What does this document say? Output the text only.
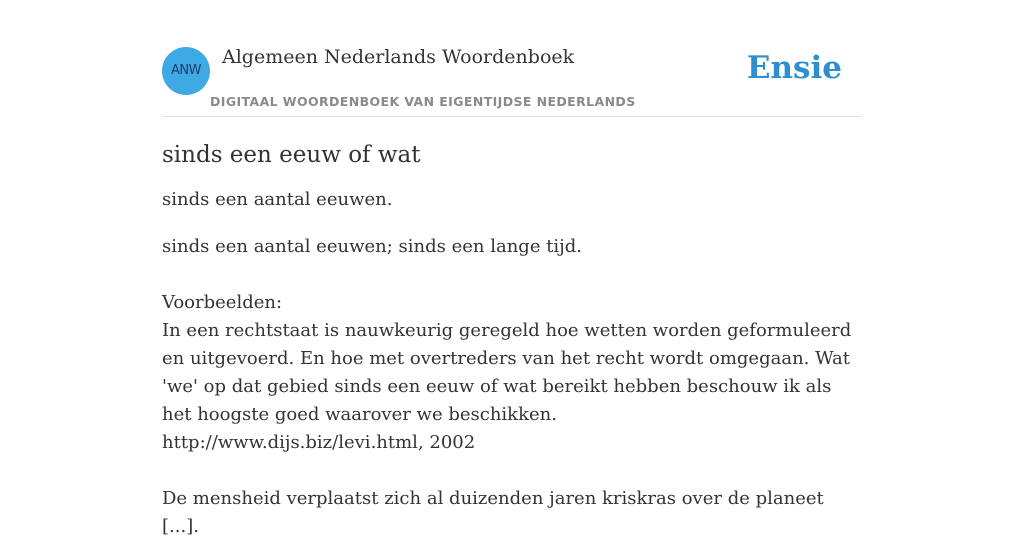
ANW
Algemeen Nederlands Woordenboek
DIGITAAL WOORDENBOEK VAN EIGENTIJDSE NEDERLANDS
Ensie
sinds een eeuw of wat

sinds een aantal eeuwen.

sinds een aantal eeuwen; sinds een lange tijd.
Voorbeelden:
In een rechtstaat is nauwkeurig geregeld hoe wetten worden geformuleerd en uitgevoerd. En hoe met overtreders van het recht wordt omgegaan. Wat 'we' op dat gebied sinds een eeuw of wat bereikt hebben beschouw ik als het hoogste goed waarover we beschikken.
http://www.dijs.biz/levi.html, 2002
De mensheid verplaatst zich al duizenden jaren kriskras over de planeet [...].
